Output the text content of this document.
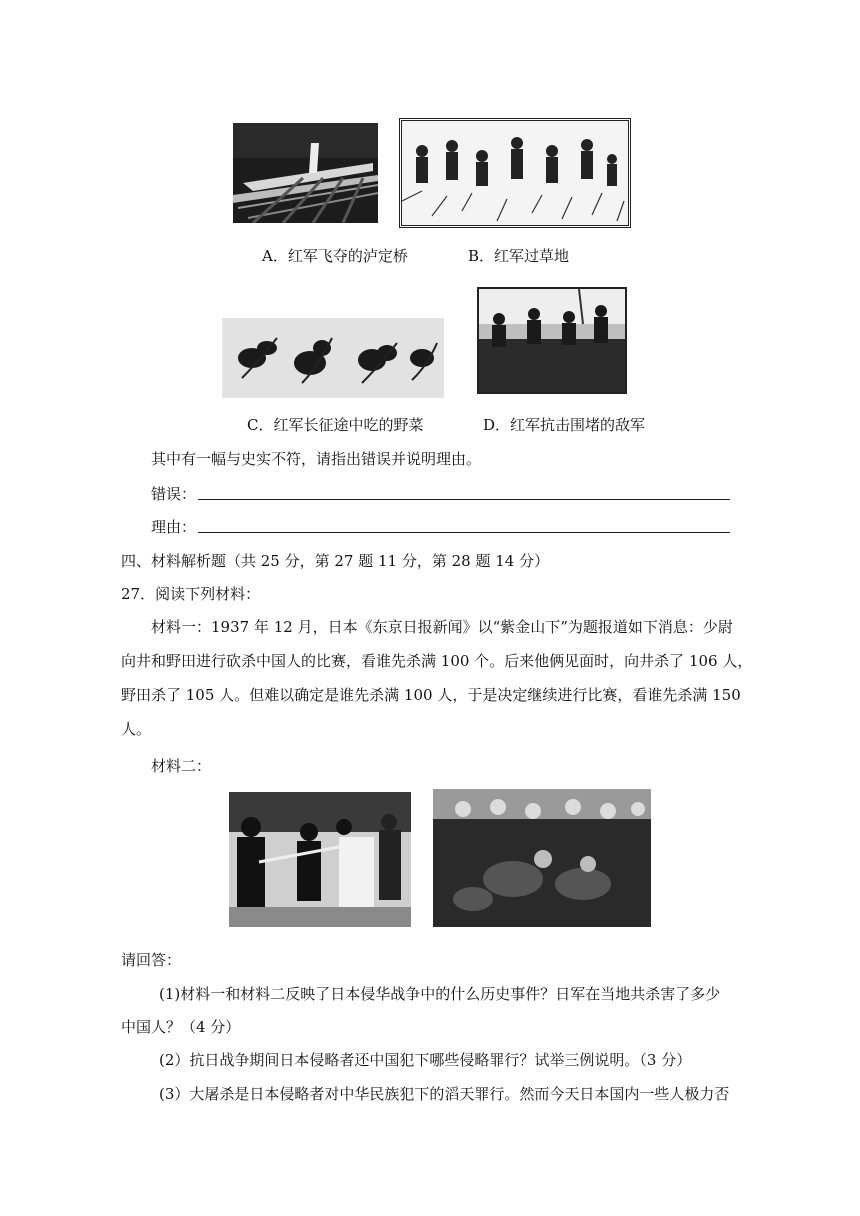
A．红军飞夺的泸定桥	B．红军过草地
C．红军长征途中吃的野菜	D．红军抗击围堵的敌军
其中有一幅与史实不符，请指出错误并说明理由。
错误：
理由：
四、材料解析题（共 25 分，第 27 题 11 分，第 28 题 14 分）
27．阅读下列材料：
材料一：1937 年 12 月，日本《东京日报新闻》以“紫金山下”为题报道如下消息：少尉
向井和野田进行砍杀中国人的比赛，看谁先杀满 100 个。后来他俩见面时，向井杀了 106 人，
野田杀了 105 人。但难以确定是谁先杀满 100 人，于是决定继续进行比赛，看谁先杀满 150
人。
材料二：
请回答：
(1)材料一和材料二反映了日本侵华战争中的什么历史事件？日军在当地共杀害了多少
中国人？（4 分）
(2）抗日战争期间日本侵略者还中国犯下哪些侵略罪行？试举三例说明。（3 分）
(3）大屠杀是日本侵略者对中华民族犯下的滔天罪行。然而今天日本国内一些人极力否
